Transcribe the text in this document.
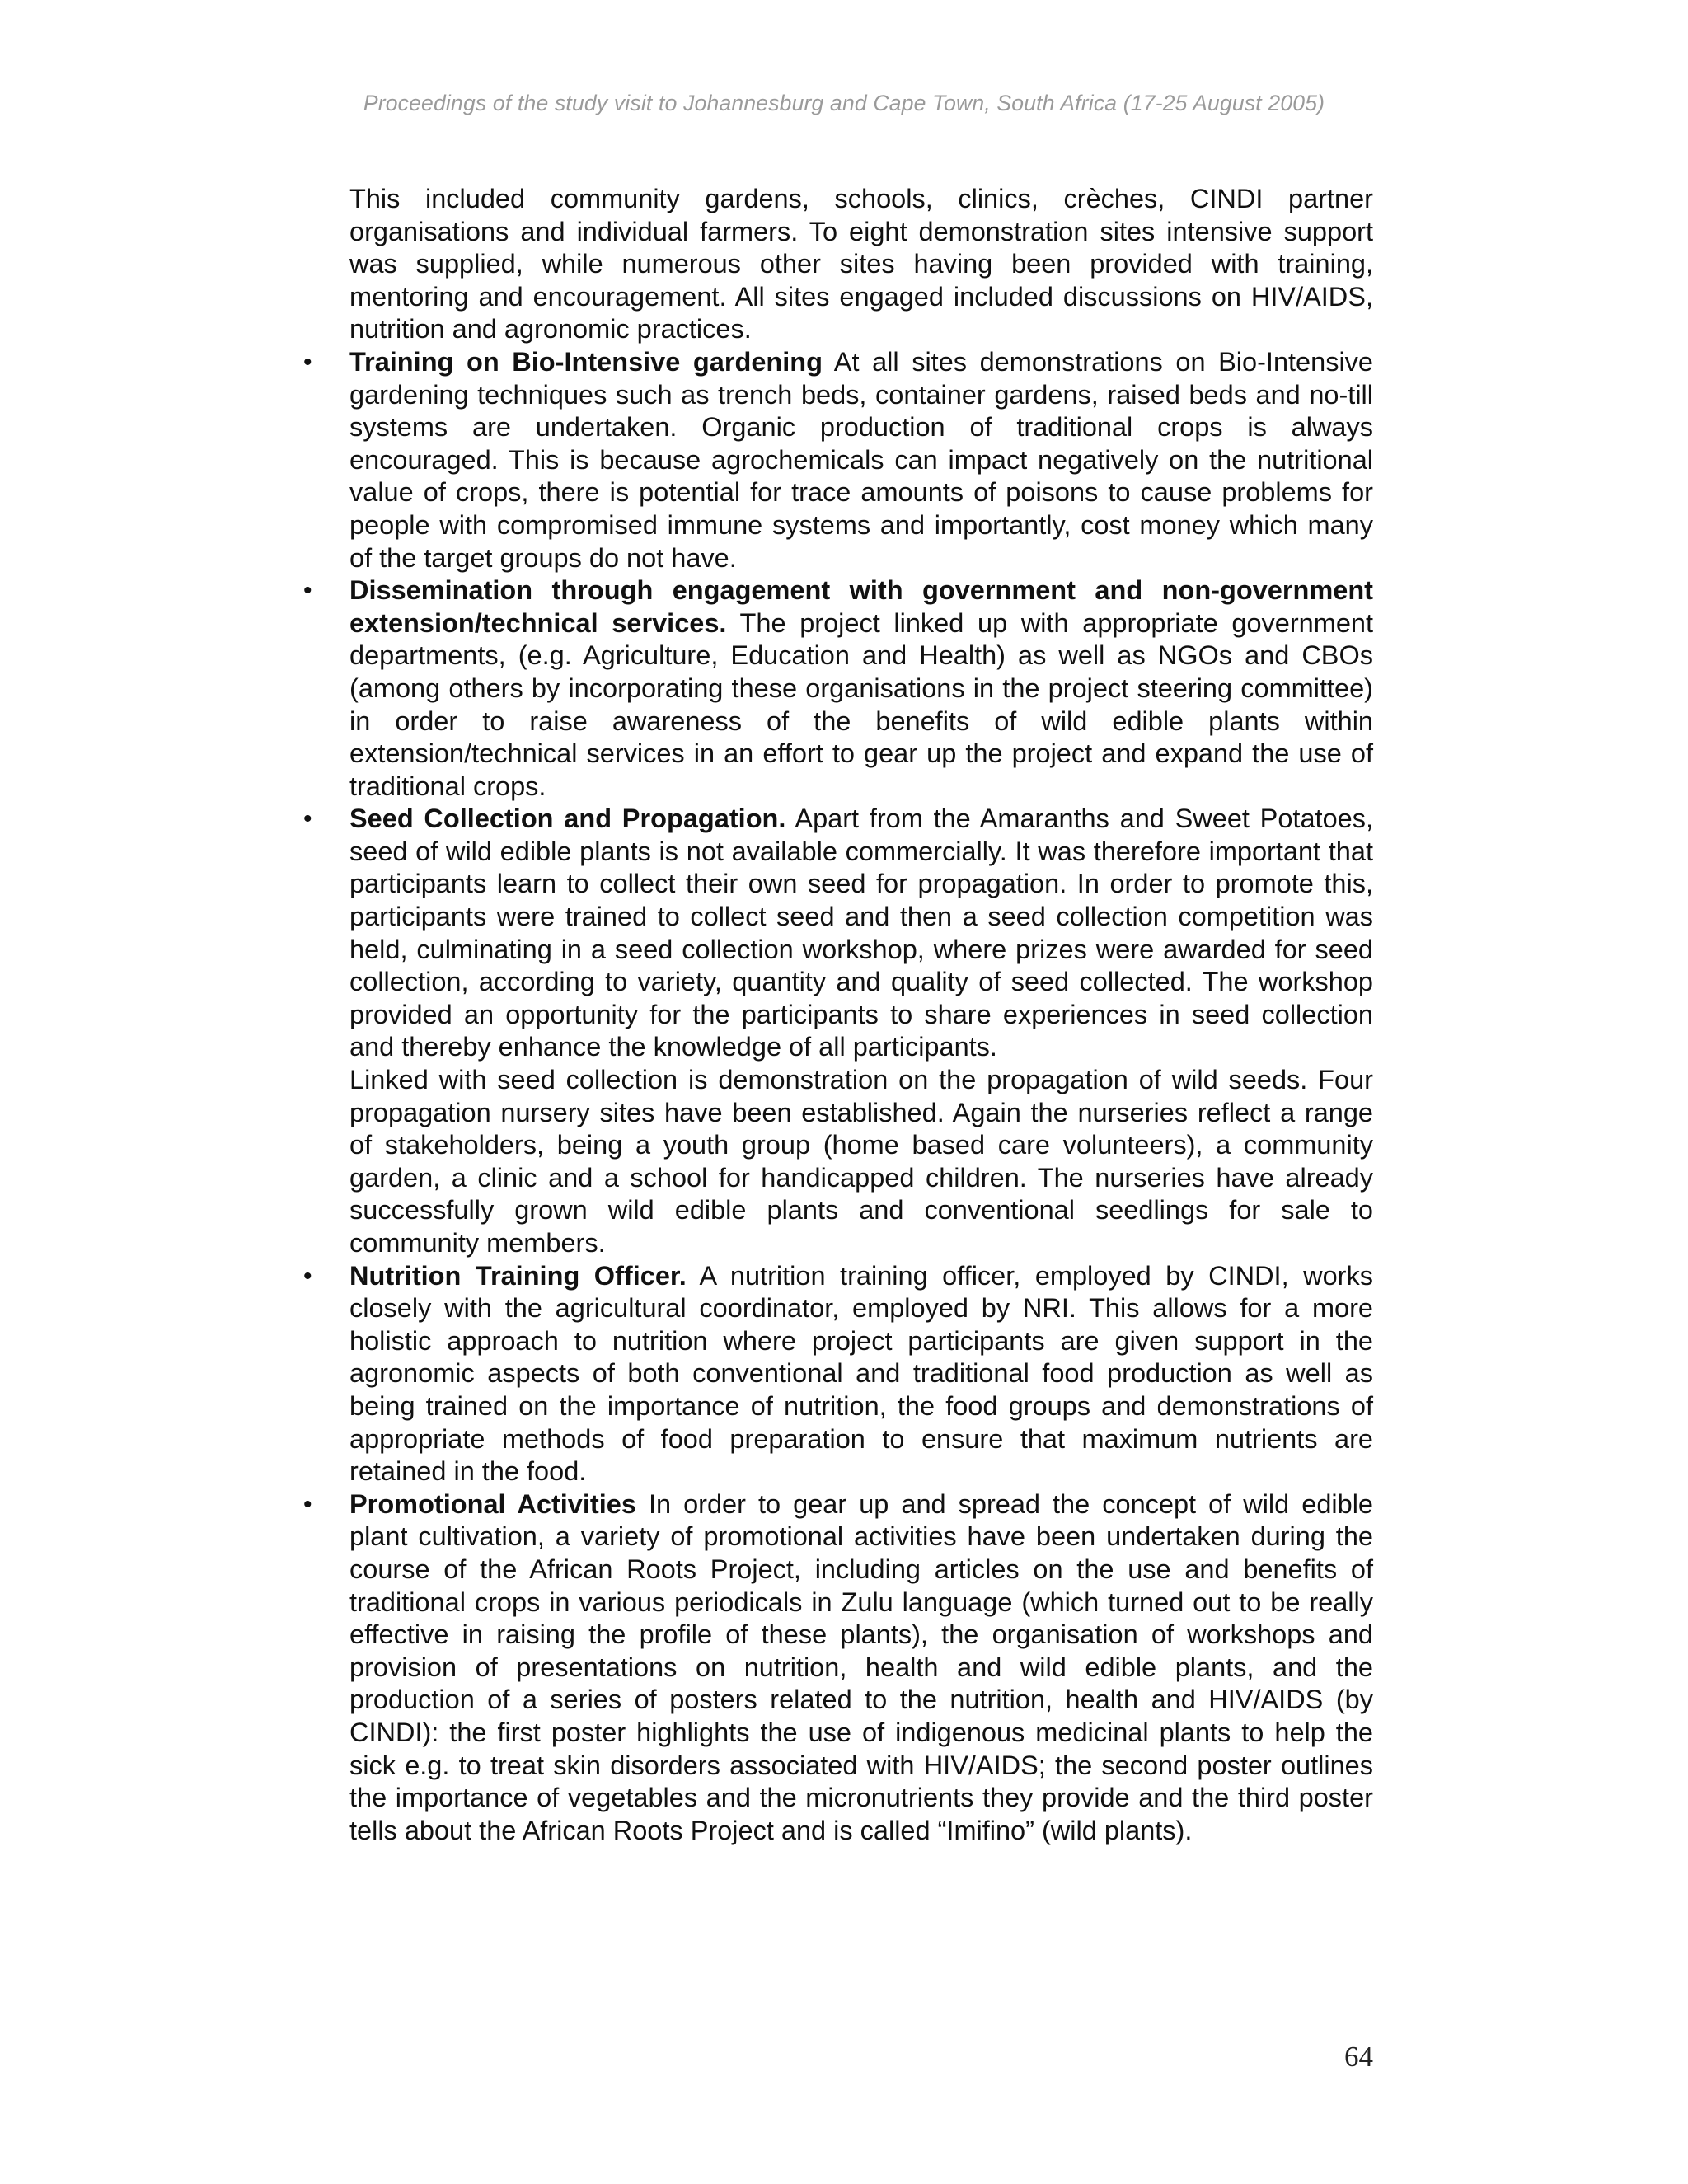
Proceedings of the study visit to Johannesburg and Cape Town, South Africa (17-25 August 2005)

This included community gardens, schools, clinics, crèches, CINDI partner organisations and individual farmers. To eight demonstration sites intensive support was supplied, while numerous other sites having been provided with training, mentoring and encouragement. All sites engaged included discussions on HIV/AIDS, nutrition and agronomic practices.

• Training on Bio-Intensive gardening At all sites demonstrations on Bio-Intensive gardening techniques such as trench beds, container gardens, raised beds and no-till systems are undertaken. Organic production of traditional crops is always encouraged. This is because agrochemicals can impact negatively on the nutritional value of crops, there is potential for trace amounts of poisons to cause problems for people with compromised immune systems and importantly, cost money which many of the target groups do not have.

• Dissemination through engagement with government and non-government extension/technical services. The project linked up with appropriate government departments, (e.g. Agriculture, Education and Health) as well as NGOs and CBOs (among others by incorporating these organisations in the project steering committee) in order to raise awareness of the benefits of wild edible plants within extension/technical services in an effort to gear up the project and expand the use of traditional crops.

• Seed Collection and Propagation. Apart from the Amaranths and Sweet Potatoes, seed of wild edible plants is not available commercially. It was therefore important that participants learn to collect their own seed for propagation. In order to promote this, participants were trained to collect seed and then a seed collection competition was held, culminating in a seed collection workshop, where prizes were awarded for seed collection, according to variety, quantity and quality of seed collected. The workshop provided an opportunity for the participants to share experiences in seed collection and thereby enhance the knowledge of all participants.

Linked with seed collection is demonstration on the propagation of wild seeds. Four propagation nursery sites have been established. Again the nurseries reflect a range of stakeholders, being a youth group (home based care volunteers), a community garden, a clinic and a school for handicapped children. The nurseries have already successfully grown wild edible plants and conventional seedlings for sale to community members.

• Nutrition Training Officer. A nutrition training officer, employed by CINDI, works closely with the agricultural coordinator, employed by NRI. This allows for a more holistic approach to nutrition where project participants are given support in the agronomic aspects of both conventional and traditional food production as well as being trained on the importance of nutrition, the food groups and demonstrations of appropriate methods of food preparation to ensure that maximum nutrients are retained in the food.

• Promotional Activities In order to gear up and spread the concept of wild edible plant cultivation, a variety of promotional activities have been undertaken during the course of the African Roots Project, including articles on the use and benefits of traditional crops in various periodicals in Zulu language (which turned out to be really effective in raising the profile of these plants), the organisation of workshops and provision of presentations on nutrition, health and wild edible plants, and the production of a series of posters related to the nutrition, health and HIV/AIDS (by CINDI): the first poster highlights the use of indigenous medicinal plants to help the sick e.g. to treat skin disorders associated with HIV/AIDS; the second poster outlines the importance of vegetables and the micronutrients they provide and the third poster tells about the African Roots Project and is called “Imifino” (wild plants).

64
